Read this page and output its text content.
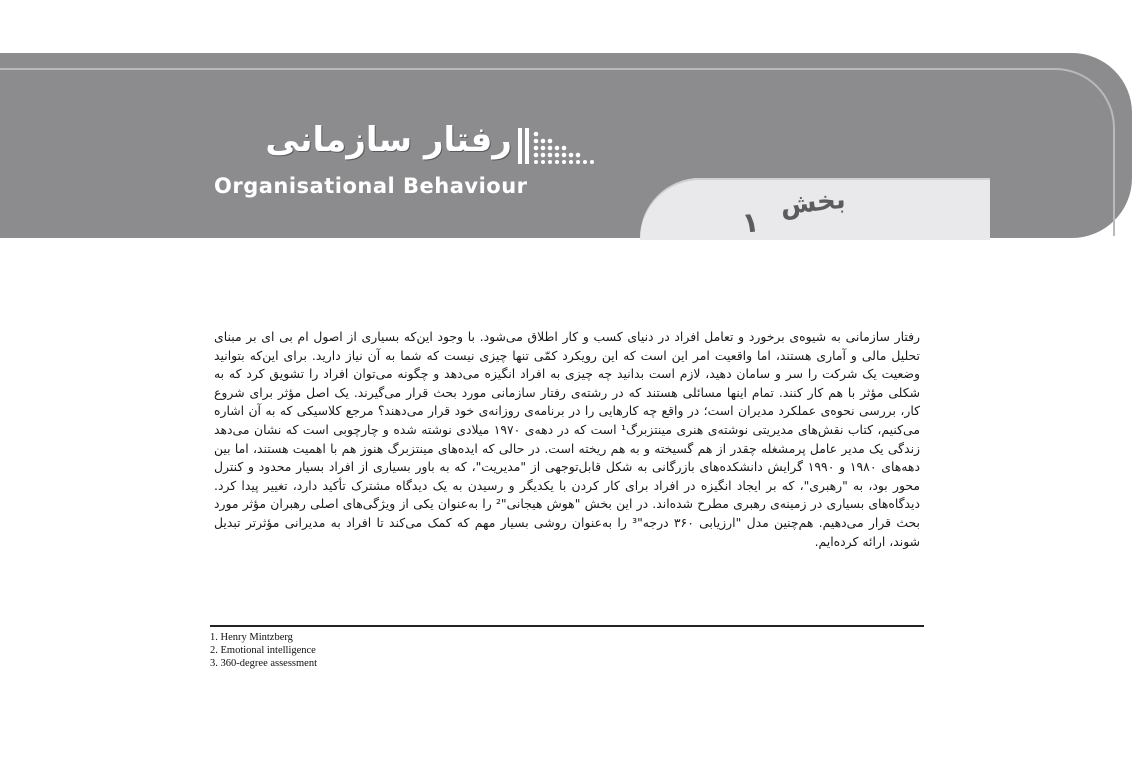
رفتار سازمانی
Organisational Behaviour	بخش
۱

رفتار سازمانی به شیوه‌ی برخورد و تعامل افراد در دنیای کسب و کار اطلاق می‌شود. با وجود این‌که بسیاری از اصول ام بی ای بر مبنای تحلیل مالی و آماری هستند، اما واقعیت امر این است که این رویکرد کمّی تنها چیزی نیست که شما به آن نیاز دارید. برای این‌که بتوانید وضعیت یک شرکت را سر و سامان دهید، لازم است بدانید چه چیزی به افراد انگیزه می‌دهد و چگونه می‌توان افراد را تشویق کرد که به شکلی مؤثر با هم کار کنند. تمام اینها مسائلی هستند که در رشته‌ی رفتار سازمانی مورد بحث قرار می‌گیرند. یک اصل مؤثر برای شروع کار، بررسی نحوه‌ی عملکرد مدیران است؛ در واقع چه کارهایی را در برنامه‌ی روزانه‌ی خود قرار می‌دهند؟ مرجع کلاسیکی که به آن اشاره می‌کنیم، کتاب نقش‌های مدیریتی نوشته‌ی هنری مینتزبرگ¹ است که در دهه‌ی ۱۹۷۰ میلادی نوشته شده و چارچوبی است که نشان می‌دهد زندگی یک مدیر عامل پرمشغله چقدر از هم گسیخته و به هم ریخته است. در حالی که ایده‌های مینتزبرگ هنوز هم با اهمیت هستند، اما بین دهه‌های ۱۹۸۰ و ۱۹۹۰ گرایش دانشکده‌های بازرگانی به شکل قابل‌توجهی از "مدیریت"، که به باور بسیاری از افراد بسیار محدود و کنترل محور بود، به "رهبری"، که بر ایجاد انگیزه در افراد برای کار کردن با یکدیگر و رسیدن به یک دیدگاه مشترک تأکید دارد، تغییر پیدا کرد. دیدگاه‌های بسیاری در زمینه‌ی رهبری مطرح شده‌اند. در این بخش "هوش هیجانی"² را به‌عنوان یکی از ویژگی‌های اصلی رهبران مؤثر مورد بحث قرار می‌دهیم. هم‌چنین مدل "ارزیابی ۳۶۰ درجه"³ را به‌عنوان روشی بسیار مهم که کمک می‌کند تا افراد به مدیرانی مؤثرتر تبدیل شوند، ارائه کرده‌ایم.

1. Henry Mintzberg
2. Emotional intelligence
3. 360-degree assessment
